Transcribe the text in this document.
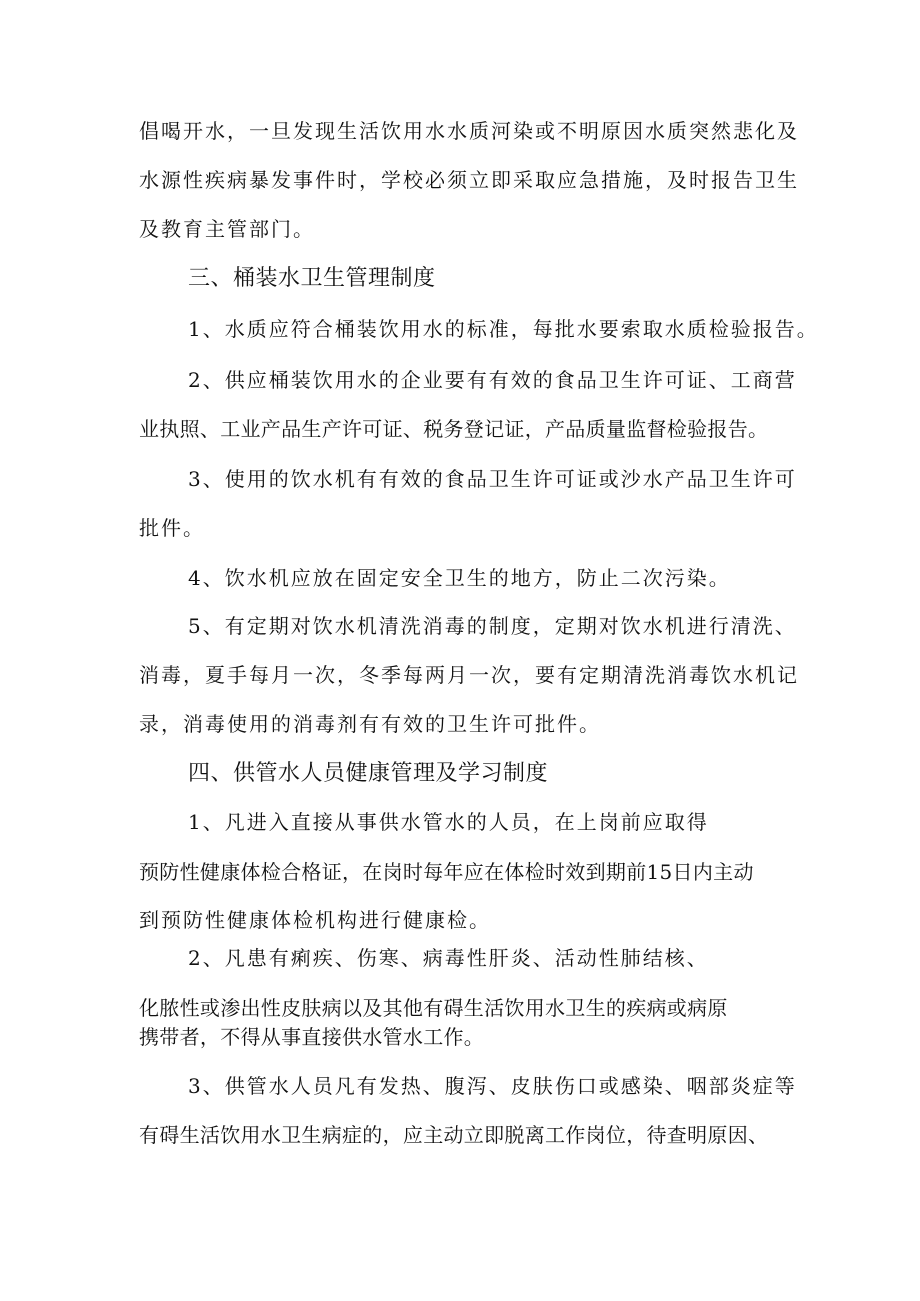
倡喝开水，一旦发现生活饮用水水质河染或不明原因水质突然悲化及
水源性疾病暴发事件时，学校必须立即采取应急措施，及时报告卫生
及教育主管部门。
三、桶装水卫生管理制度
1、水质应符合桶装饮用水的标准，每批水要索取水质检验报告。
2、供应桶装饮用水的企业要有有效的食品卫生许可证、工商营
业执照、工业产品生产许可证、税务登记证，产品质量监督检验报告。
3、使用的饮水机有有效的食品卫生许可证或沙水产品卫生许可
批件。
4、饮水机应放在固定安全卫生的地方，防止二次污染。
5、有定期对饮水机清洗消毒的制度，定期对饮水机进行清洗、
消毒，夏手每月一次，冬季每两月一次，要有定期清洗消毒饮水机记
录，消毒使用的消毒剂有有效的卫生许可批件。
四、供管水人员健康管理及学习制度
1、凡进入直接从事供水管水的人员，在上岗前应取得
预防性健康体检合格证，在岗时每年应在体检时效到期前15日内主动
到预防性健康体检机构进行健康检。
2、凡患有痢疾、伤寒、病毒性肝炎、活动性肺结核、
化脓性或渗出性皮肤病以及其他有碍生活饮用水卫生的疾病或病原
携带者，不得从事直接供水管水工作。
3、供管水人员凡有发热、腹泻、皮肤伤口或感染、咽部炎症等
有碍生活饮用水卫生病症的，应主动立即脱离工作岗位，待查明原因、
